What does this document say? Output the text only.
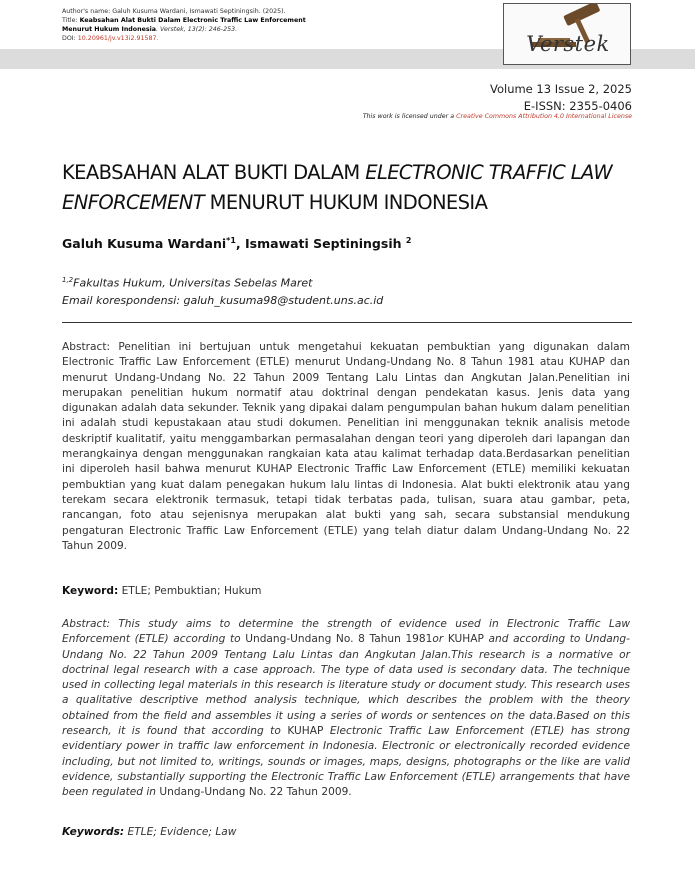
Author's name: Galuh Kusuma Wardani, Ismawati Septiningsih. (2025).
Title: Keabsahan Alat Bukti Dalam Electronic Traffic Law Enforcement
Menurut Hukum Indonesia. Verstek, 13(2): 246-253.
DOI: 10.20961/jv.v13i2.91587.	Verstek
Volume 13 Issue 2, 2025
E-ISSN: 2355-0406
This work is licensed under a Creative Commons Attribution 4.0 International License
KEABSAHAN ALAT BUKTI DALAM ELECTRONIC TRAFFIC LAW ENFORCEMENT MENURUT HUKUM INDONESIA
Galuh Kusuma Wardani$^{*1}$, Ismawati Septiningsih $^2$
$^{1,2}$Fakultas Hukum, Universitas Sebelas Maret
Email korespondensi: galuh_kusuma98@student.uns.ac.id
Abstract: Penelitian ini bertujuan untuk mengetahui kekuatan pembuktian yang digunakan dalam Electronic Traffic Law Enforcement (ETLE) menurut Undang-Undang No. 8 Tahun 1981 atau KUHAP dan menurut Undang-Undang No. 22 Tahun 2009 Tentang Lalu Lintas dan Angkutan Jalan.Penelitian ini merupakan penelitian hukum normatif atau doktrinal dengan pendekatan kasus. Jenis data yang digunakan adalah data sekunder. Teknik yang dipakai dalam pengumpulan bahan hukum dalam penelitian ini adalah studi kepustakaan atau studi dokumen. Penelitian ini menggunakan teknik analisis metode deskriptif kualitatif, yaitu menggambarkan permasalahan dengan teori yang diperoleh dari lapangan dan merangkainya dengan menggunakan rangkaian kata atau kalimat terhadap data.Berdasarkan penelitian ini diperoleh hasil bahwa menurut KUHAP Electronic Traffic Law Enforcement (ETLE) memiliki kekuatan pembuktian yang kuat dalam penegakan hukum lalu lintas di Indonesia. Alat bukti elektronik atau yang terekam secara elektronik termasuk, tetapi tidak terbatas pada, tulisan, suara atau gambar, peta, rancangan, foto atau sejenisnya merupakan alat bukti yang sah, secara substansial mendukung pengaturan Electronic Traffic Law Enforcement (ETLE) yang telah diatur dalam Undang-Undang No. 22 Tahun 2009.
Keyword: ETLE; Pembuktian; Hukum
Abstract: This study aims to determine the strength of evidence used in Electronic Traffic Law Enforcement (ETLE) according to Undang-Undang No. 8 Tahun 1981or KUHAP and according to Undang-Undang No. 22 Tahun 2009 Tentang Lalu Lintas dan Angkutan Jalan.This research is a normative or doctrinal legal research with a case approach. The type of data used is secondary data. The technique used in collecting legal materials in this research is literature study or document study. This research uses a qualitative descriptive method analysis technique, which describes the problem with the theory obtained from the field and assembles it using a series of words or sentences on the data.Based on this research, it is found that according to KUHAP Electronic Traffic Law Enforcement (ETLE) has strong evidentiary power in traffic law enforcement in Indonesia. Electronic or electronically recorded evidence including, but not limited to, writings, sounds or images, maps, designs, photographs or the like are valid evidence, substantially supporting the Electronic Traffic Law Enforcement (ETLE) arrangements that have been regulated in Undang-Undang No. 22 Tahun 2009.
Keywords: ETLE; Evidence; Law
